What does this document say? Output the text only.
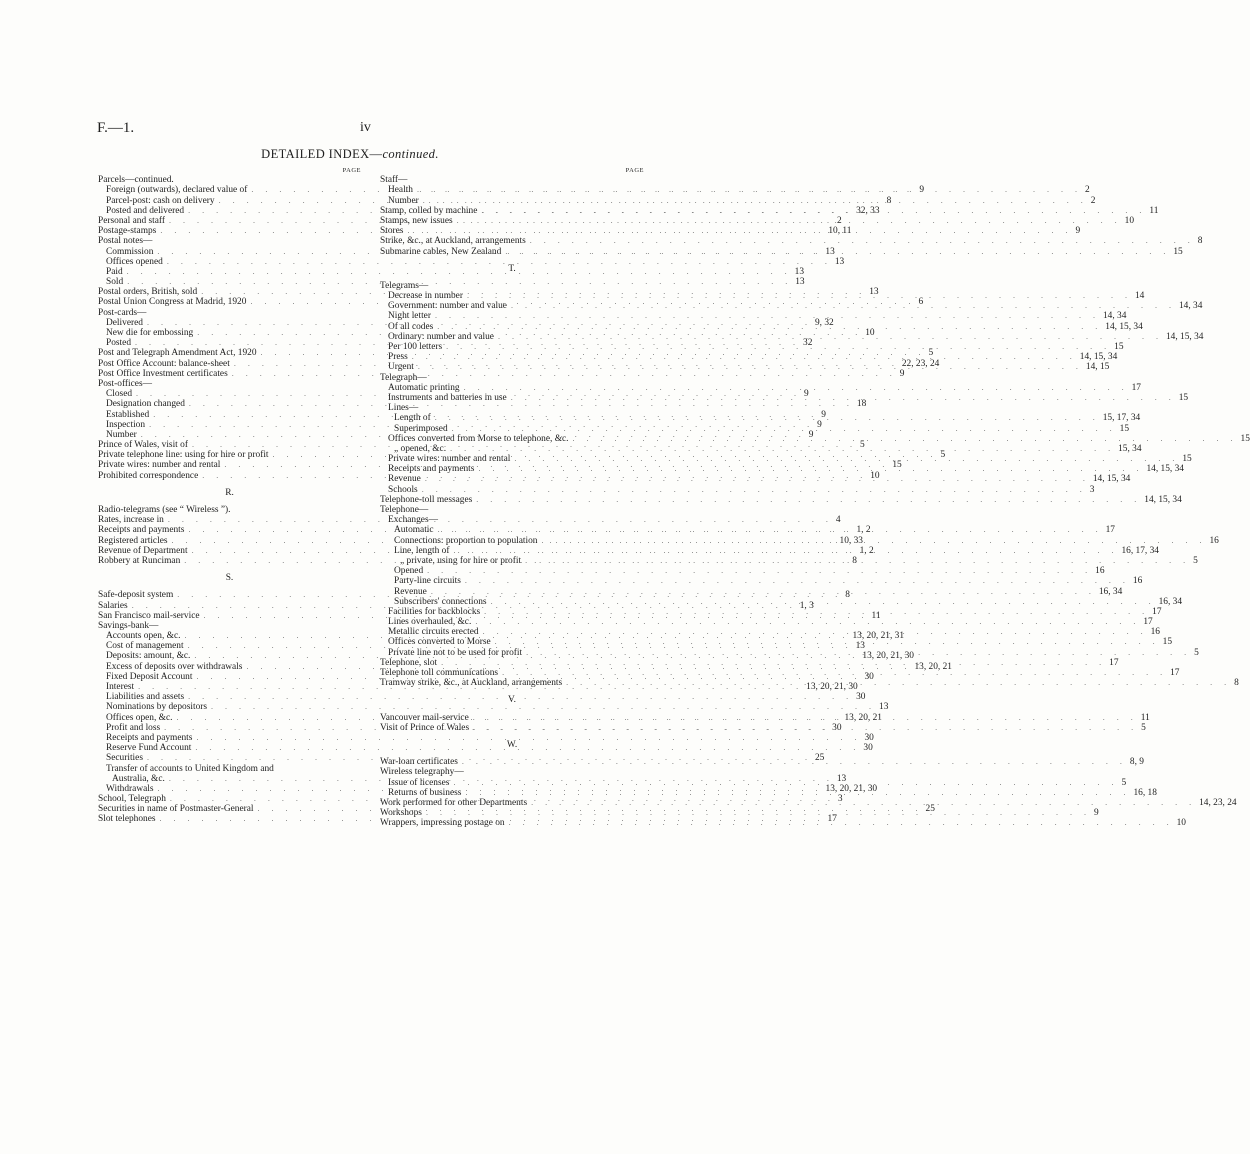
F.—1.	iv
DETAILED INDEX—continued.
PAGE
Parcels—continued.
Foreign (outwards), declared value of . . .	9
Parcel-post: cash on delivery . . .	8
Posted and delivered . . .	32, 33
Personal and staff . . .	2
Postage-stamps . . .	10, 11
Postal notes—
Commission . . .	13
Offices opened . . .	13
Paid . . .	13
Sold . . .	13
Postal orders, British, sold . . .	13
Postal Union Congress at Madrid, 1920 . . .	6
Post-cards—
Delivered . . .	9, 32
New die for embossing . . .	10
Posted . . .	32
Post and Telegraph Amendment Act, 1920 . . .	5
Post Office Account: balance-sheet . . .	22, 23, 24
Post Office Investment certificates . . .	9
Post-offices—
Closed . . .	9
Designation changed . . .	18
Established . . .	9
Inspection . . .	9
Number . . .	9
Prince of Wales, visit of . . .	5
Private telephone line: using for hire or profit . . .	5
Private wires: number and rental . . .	15
Prohibited correspondence . . .	10
R.
Radio-telegrams (see “ Wireless ”).
Rates, increase in . . .	4
Receipts and payments . . .	1, 2
Registered articles . . .	10, 33
Revenue of Department . . .	1, 2
Robbery at Runciman . . .	8
S.
Safe-deposit system . . .	8
Salaries . . .	1, 3
San Francisco mail-service . . .	11
Savings-bank—
Accounts open, &c. . . .	13, 20, 21, 31
Cost of management . . .	13
Deposits: amount, &c. . . .	13, 20, 21, 30
Excess of deposits over withdrawals . . .	13, 20, 21
Fixed Deposit Account . . .	30
Interest . . .	13, 20, 21, 30
Liabilities and assets . . .	30
Nominations by depositors . . .	13
Offices open, &c. . . .	13, 20, 21
Profit and loss . . .	30
Receipts and payments . . .	30
Reserve Fund Account . . .	30
Securities . . .	25
Transfer of accounts to United Kingdom and
Australia, &c. . . .	13
Withdrawals . . .	13, 20, 21, 30
School, Telegraph . . .	3
Securities in name of Postmaster-General . . .	25
Slot telephones . . .	17
PAGE
Staff—
Health . . .	2
Number . . .	2
Stamp, colled by machine . . .	11
Stamps, new issues . . .	10
Stores . . .	9
Strike, &c., at Auckland, arrangements . . .	8
Submarine cables, New Zealand . . .	15
T.
Telegrams—
Decrease in number . . .	14
Government: number and value . . .	14, 34
Night letter . . .	14, 34
Of all codes . . .	14, 15, 34
Ordinary: number and value . . .	14, 15, 34
Per 100 letters . . .	15
Press . . .	14, 15, 34
Urgent . . .	14, 15
Telegraph—
Automatic printing . . .	17
Instruments and batteries in use . . .	15
Lines—
Length of . . .	15, 17, 34
Superimposed . . .	15
Offices converted from Morse to telephone, &c. . . .	15
„ opened, &c. . . .	15, 34
Private wires: number and rental . . .	15
Receipts and payments . . .	14, 15, 34
Revenue . . .	14, 15, 34
Schools . . .	3
Telephone-toll messages . . .	14, 15, 34
Telephone—
Exchanges—
Automatic . . .	17
Connections: proportion to population . . .	16
Line, length of . . .	16, 17, 34
„ private, using for hire or profit . . .	5
Opened . . .	16
Party-line circuits . . .	16
Revenue . . .	16, 34
Subscribers' connections . . .	16, 34
Facilities for backblocks . . .	17
Lines overhauled, &c. . . .	17
Metallic circuits erected . . .	16
Offices converted to Morse . . .	15
Private line not to be used for profit . . .	5
Telephone, slot . . .	17
Telephone toll communications . . .	17
Tramway strike, &c., at Auckland, arrangements . . .	8
V.
Vancouver mail-service . . .	11
Visit of Prince of Wales . . .	5
W.
War-loan certificates . . .	8, 9
Wireless telegraphy—
Issue of licenses . . .	5
Returns of business . . .	16, 18
Work performed for other Departments . . .	14, 23, 24
Workshops . . .	9
Wrappers, impressing postage on . . .	10
